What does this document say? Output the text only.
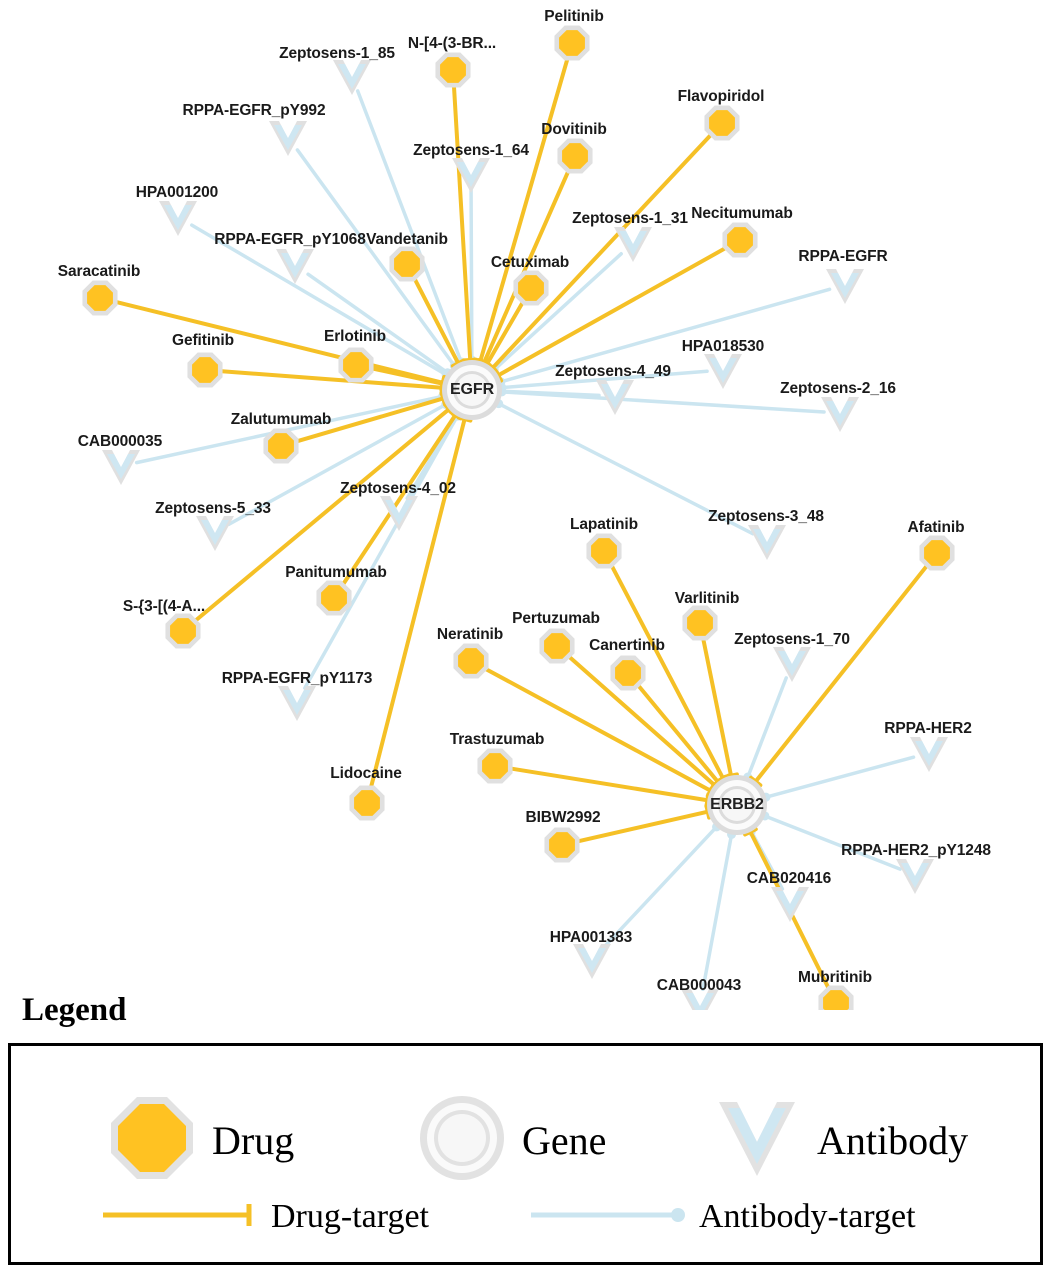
Pelitinib
N-[4-(3-BR...
Flavopiridol
Dovitinib
Necitumumab
Vandetanib
Cetuximab
Saracatinib
Gefitinib	Erlotinib
Zalutumumab
Afatinib
Lapatinib
Panitumumab
S-{3-[(4-A...	Varlitinib
Pertuzumab
Neratinib
Canertinib
Trastuzumab
Lidocaine
BIBW2992
Mubritinib
Zeptosens-1_85
RPPA-EGFR_pY992
Zeptosens-1_64
HPA001200
Zeptosens-1_31
RPPA-EGFR_pY1068
RPPA-EGFR
HPA018530
Zeptosens-4_49
Zeptosens-2_16
CAB000035
Zeptosens-4_02
Zeptosens-5_33	Zeptosens-3_48
Zeptosens-1_70
RPPA-EGFR_pY1173
RPPA-HER2
RPPA-HER2_pY1248
CAB020416
HPA001383
CAB000043
EGFR
ERBB2
Legend
Drug	Gene	Antibody
Drug-target	Antibody-target
